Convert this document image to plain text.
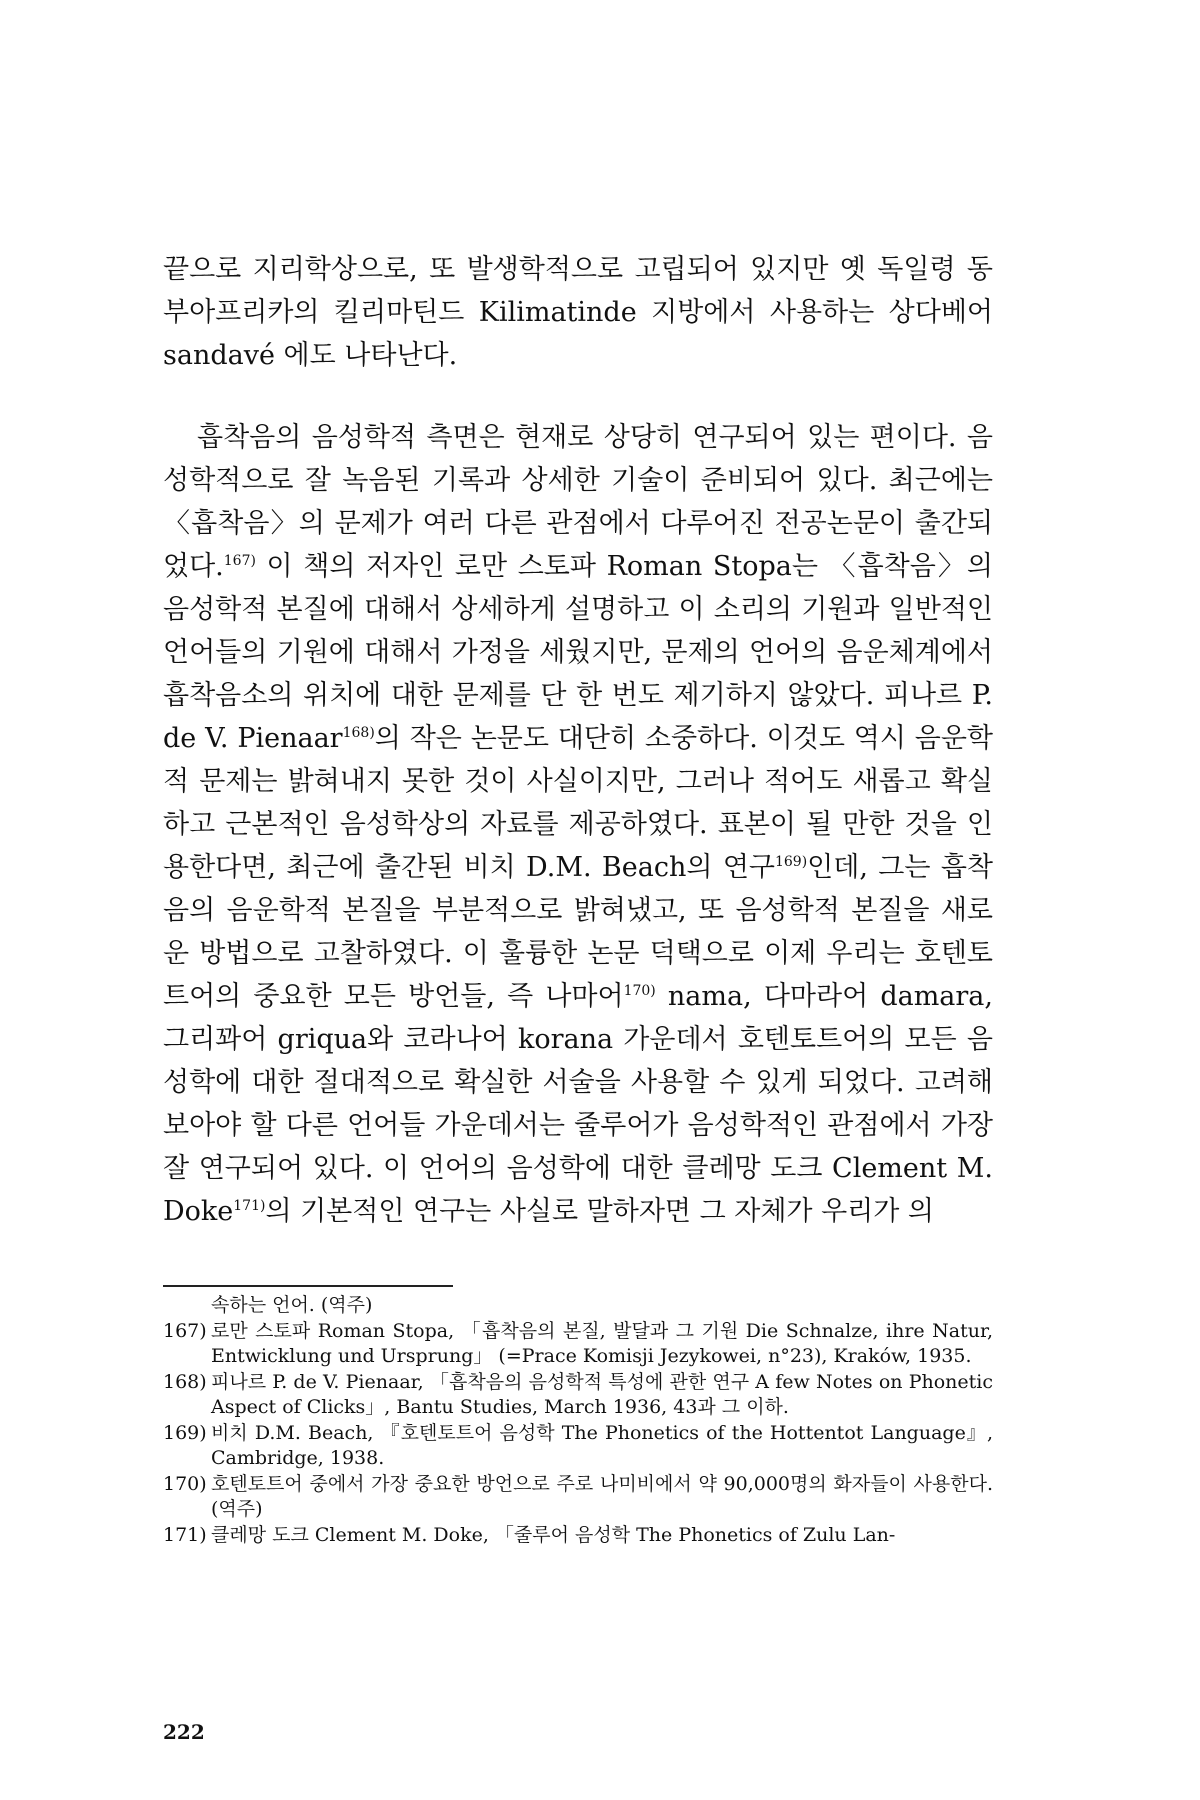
끝으로 지리학상으로, 또 발생학적으로 고립되어 있지만 옛 독일령 동부아프리카의 킬리마틴드 Kilimatinde 지방에서 사용하는 상다베어 sandavé 에도 나타난다.

흡착음의 음성학적 측면은 현재로 상당히 연구되어 있는 편이다. 음성학적으로 잘 녹음된 기록과 상세한 기술이 준비되어 있다. 최근에는 〈흡착음〉의 문제가 여러 다른 관점에서 다루어진 전공논문이 출간되었다.$^{167)}$ 이 책의 저자인 로만 스토파 Roman Stopa는 〈흡착음〉의 음성학적 본질에 대해서 상세하게 설명하고 이 소리의 기원과 일반적인 언어들의 기원에 대해서 가정을 세웠지만, 문제의 언어의 음운체계에서 흡착음소의 위치에 대한 문제를 단 한 번도 제기하지 않았다. 피나르 P. de V. Pienaar$^{168)}$의 작은 논문도 대단히 소중하다. 이것도 역시 음운학적 문제는 밝혀내지 못한 것이 사실이지만, 그러나 적어도 새롭고 확실하고 근본적인 음성학상의 자료를 제공하였다. 표본이 될 만한 것을 인용한다면, 최근에 출간된 비치 D.M. Beach의 연구$^{169)}$인데, 그는 흡착음의 음운학적 본질을 부분적으로 밝혀냈고, 또 음성학적 본질을 새로운 방법으로 고찰하였다. 이 훌륭한 논문 덕택으로 이제 우리는 호텐토트어의 중요한 모든 방언들, 즉 나마어$^{170)}$ nama, 다마라어 damara, 그리꽈어 griqua와 코라나어 korana 가운데서 호텐토트어의 모든 음성학에 대한 절대적으로 확실한 서술을 사용할 수 있게 되었다. 고려해 보아야 할 다른 언어들 가운데서는 줄루어가 음성학적인 관점에서 가장 잘 연구되어 있다. 이 언어의 음성학에 대한 클레망 도크 Clement M. Doke$^{171)}$의 기본적인 연구는 사실로 말하자면 그 자체가 우리가 의

속하는 언어. (역주)
167) 로만 스토파 Roman Stopa, 「흡착음의 본질, 발달과 그 기원 Die Schnalze, ihre Natur, Entwicklung und Ursprung」 (=Prace Komisji Jezykowei, n°23), Kraków, 1935.
168) 피나르 P. de V. Pienaar, 「흡착음의 음성학적 특성에 관한 연구 A few Notes on Phonetic Aspect of Clicks」, Bantu Studies, March 1936, 43과 그 이하.
169) 비치 D.M. Beach, 『호텐토트어 음성학 The Phonetics of the Hottentot Language』, Cambridge, 1938.
170) 호텐토트어 중에서 가장 중요한 방언으로 주로 나미비에서 약 90,000명의 화자들이 사용한다. (역주)
171) 클레망 도크 Clement M. Doke, 「줄루어 음성학 The Phonetics of Zulu Lan-
222
